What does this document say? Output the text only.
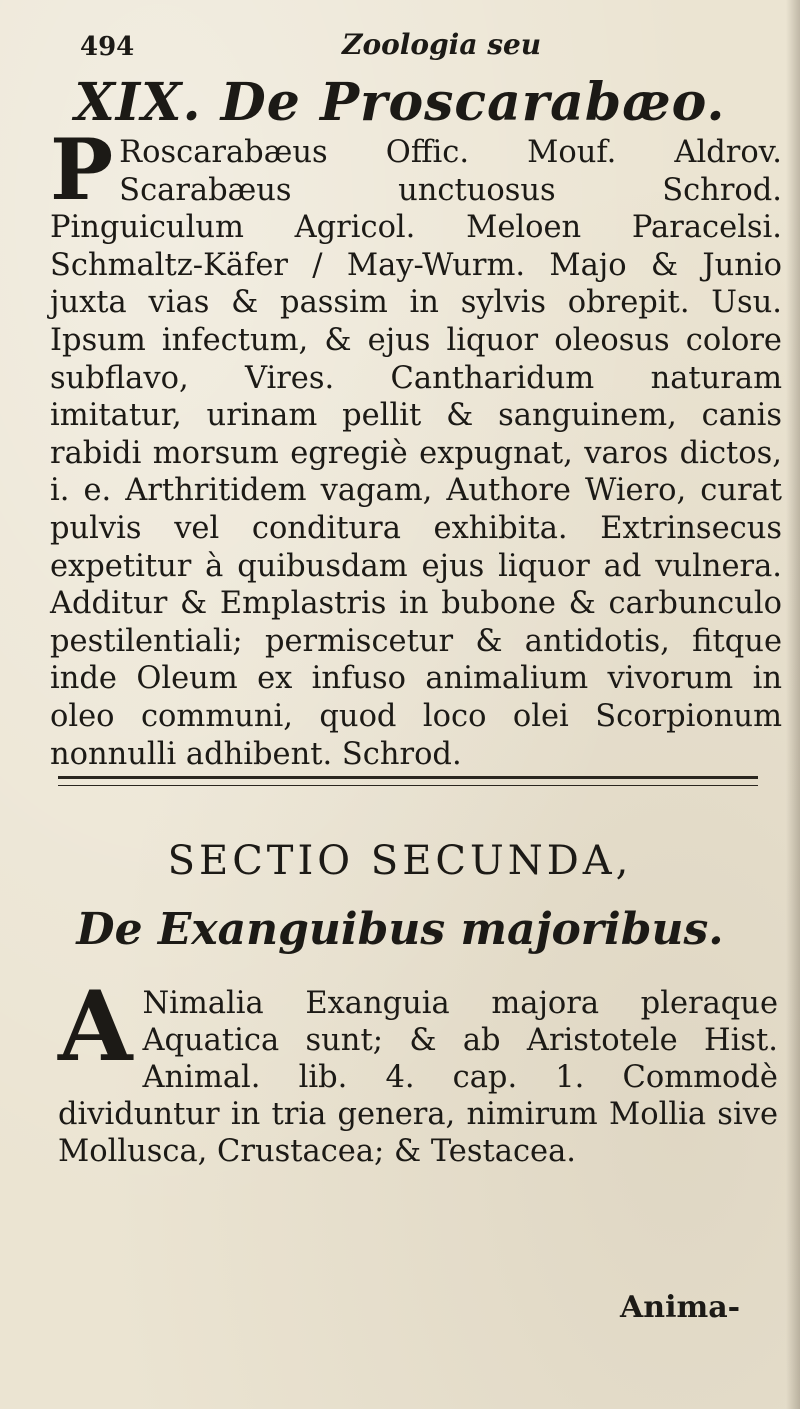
494	Zoologia seu
XIX. De Proscarabæo.

P Roscarabæus Offic. Mouf. Aldrov. Scarabæus unctuosus Schrod. Pinguiculum Agricol. Meloen Paracelsi. Schmaltz-Käfer / May-Wurm. Majo & Junio juxta vias & passim in sylvis obrepit. Usu. Ipsum infectum, & ejus liquor oleosus colore subflavo, Vires. Cantharidum naturam imitatur, urinam pellit & sanguinem, canis rabidi morsum egregiè expugnat, varos dictos, i. e. Arthritidem vagam, Authore Wiero, curat pulvis vel conditura exhibita. Extrinsecus expetitur à quibusdam ejus liquor ad vulnera. Additur & Emplastris in bubone & carbunculo pestilentiali; permiscetur & antidotis, fitque inde Oleum ex infuso animalium vivorum in oleo communi, quod loco olei Scorpionum nonnulli adhibent. Schrod.

SECTIO SECUNDA,
De Exanguibus majoribus.

A Nimalia Exanguia majora pleraque Aquatica sunt; & ab Aristotele Hist. Animal. lib. 4. cap. 1. Commodè dividuntur in tria genera, nimirum Mollia sive Mollusca, Crustacea; & Testacea.

Anima-
